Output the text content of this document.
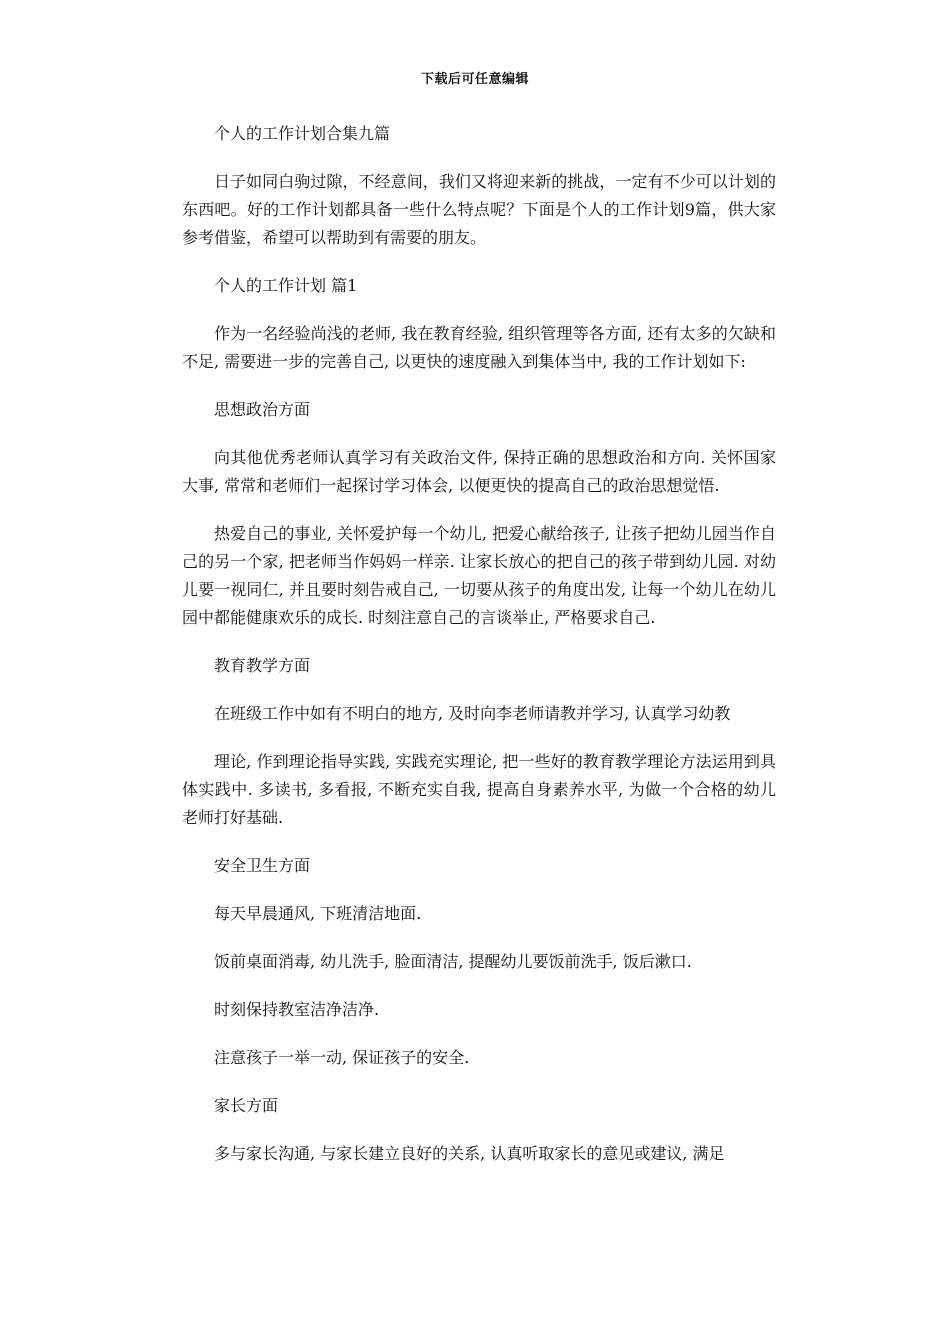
下载后可任意编辑

个人的工作计划合集九篇

日子如同白驹过隙，不经意间，我们又将迎来新的挑战，一定有不少可以计划的东西吧。好的工作计划都具备一些什么特点呢？下面是个人的工作计划9篇，供大家参考借鉴，希望可以帮助到有需要的朋友。

个人的工作计划 篇1

作为一名经验尚浅的老师, 我在教育经验, 组织管理等各方面, 还有太多的欠缺和不足, 需要进一步的完善自己, 以更快的速度融入到集体当中, 我的工作计划如下:

思想政治方面

向其他优秀老师认真学习有关政治文件, 保持正确的思想政治和方向. 关怀国家大事, 常常和老师们一起探讨学习体会, 以便更快的提高自己的政治思想觉悟.

热爱自己的事业, 关怀爱护每一个幼儿, 把爱心献给孩子, 让孩子把幼儿园当作自己的另一个家, 把老师当作妈妈一样亲. 让家长放心的把自己的孩子带到幼儿园. 对幼儿要一视同仁, 并且要时刻告戒自己, 一切要从孩子的角度出发, 让每一个幼儿在幼儿园中都能健康欢乐的成长. 时刻注意自己的言谈举止, 严格要求自己.

教育教学方面

在班级工作中如有不明白的地方, 及时向李老师请教并学习, 认真学习幼教

理论, 作到理论指导实践, 实践充实理论, 把一些好的教育教学理论方法运用到具体实践中. 多读书, 多看报, 不断充实自我, 提高自身素养水平, 为做一个合格的幼儿老师打好基础.

安全卫生方面

每天早晨通风, 下班清洁地面.

饭前桌面消毒, 幼儿洗手, 脸面清洁, 提醒幼儿要饭前洗手, 饭后漱口.

时刻保持教室洁净洁净.

注意孩子一举一动, 保证孩子的安全.

家长方面

多与家长沟通, 与家长建立良好的关系, 认真听取家长的意见或建议, 满足
